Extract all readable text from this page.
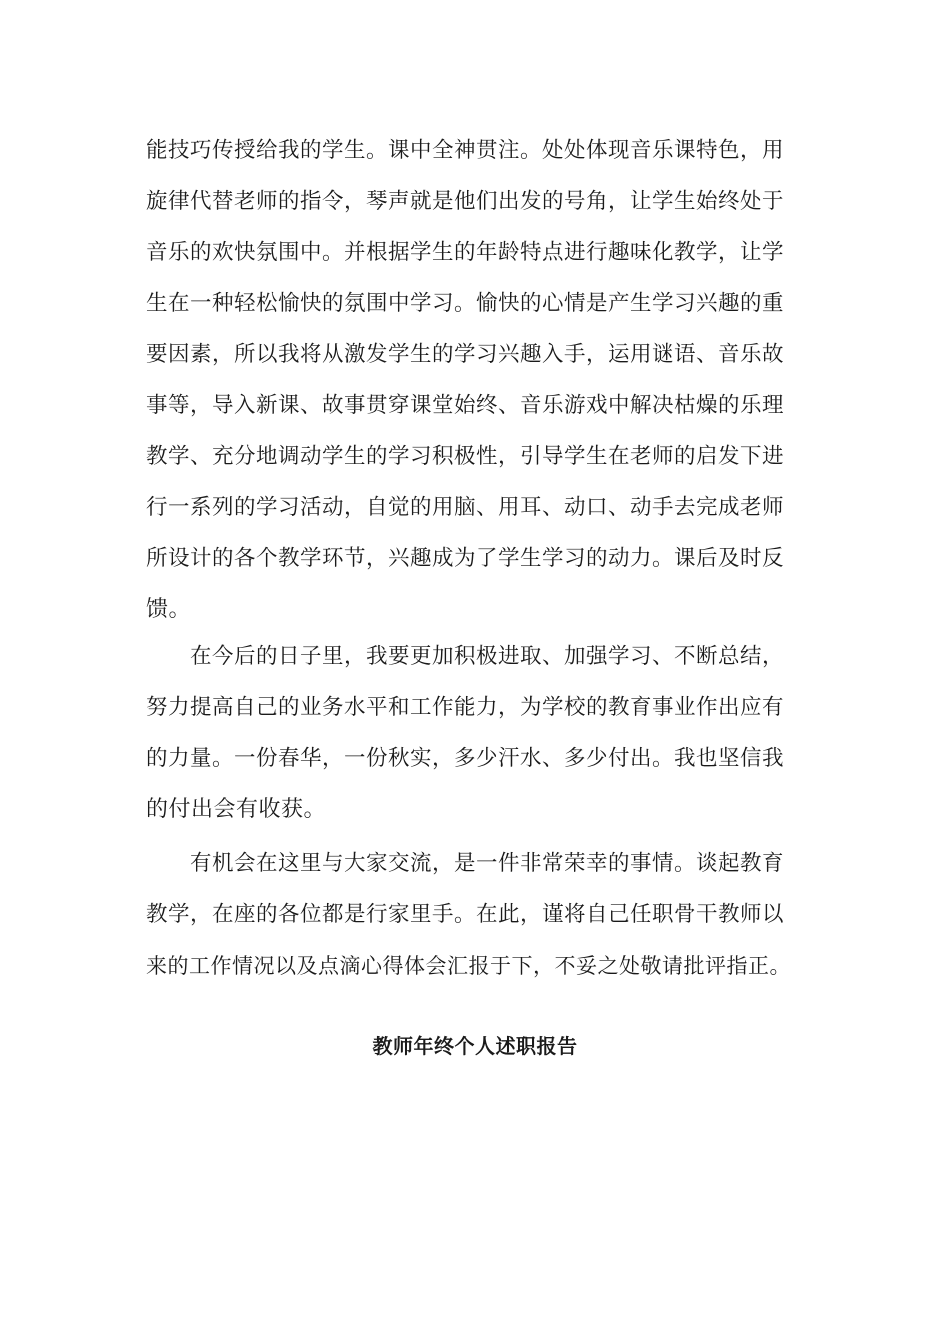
能技巧传授给我的学生。课中全神贯注。处处体现音乐课特色，用
旋律代替老师的指令，琴声就是他们出发的号角，让学生始终处于
音乐的欢快氛围中。并根据学生的年龄特点进行趣味化教学，让学
生在一种轻松愉快的氛围中学习。愉快的心情是产生学习兴趣的重
要因素，所以我将从激发学生的学习兴趣入手，运用谜语、音乐故
事等，导入新课、故事贯穿课堂始终、音乐游戏中解决枯燥的乐理
教学、充分地调动学生的学习积极性，引导学生在老师的启发下进
行一系列的学习活动，自觉的用脑、用耳、动口、动手去完成老师
所设计的各个教学环节，兴趣成为了学生学习的动力。课后及时反
馈。
在今后的日子里，我要更加积极进取、加强学习、不断总结，
努力提高自己的业务水平和工作能力，为学校的教育事业作出应有
的力量。一份春华，一份秋实，多少汗水、多少付出。我也坚信我
的付出会有收获。
有机会在这里与大家交流，是一件非常荣幸的事情。谈起教育
教学，在座的各位都是行家里手。在此，谨将自己任职骨干教师以
来的工作情况以及点滴心得体会汇报于下，不妥之处敬请批评指正。
教师年终个人述职报告
